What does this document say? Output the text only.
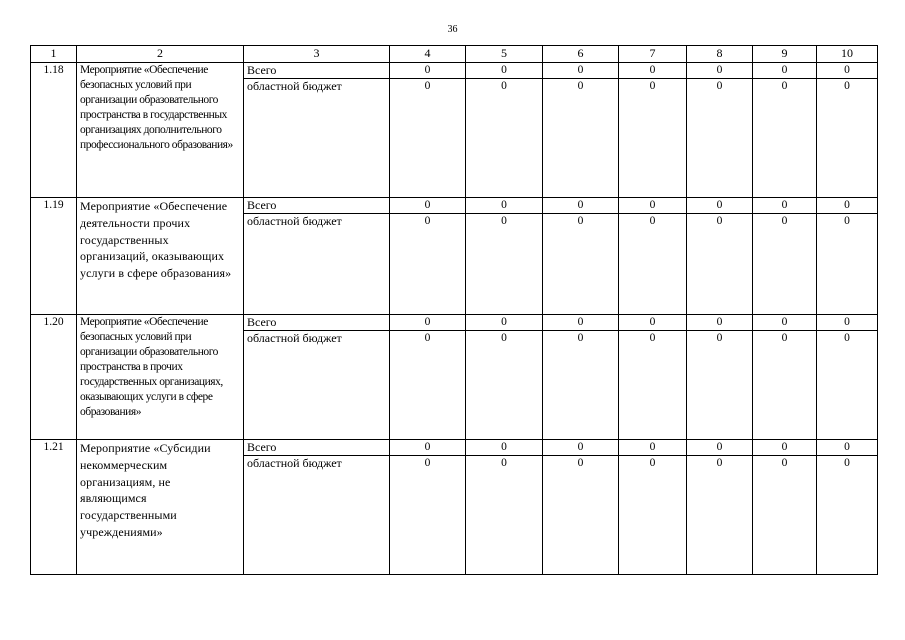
36
1	2	3	4	5	6	7	8	9	10
1.18	Мероприятие «Обеспечение безопасных условий при организации образовательного пространства в государственных организациях дополнительного профессионального образования»	Всего	0	0	0	0	0	0	0
		областной бюджет	0	0	0	0	0	0	0
1.19	Мероприятие «Обеспечение деятельности прочих государственных организаций, оказывающих услуги в сфере образования»	Всего	0	0	0	0	0	0	0
		областной бюджет	0	0	0	0	0	0	0
1.20	Мероприятие «Обеспечение безопасных условий при организации образовательного пространства в прочих государственных организациях, оказывающих услуги в сфере образования»	Всего	0	0	0	0	0	0	0
		областной бюджет	0	0	0	0	0	0	0
1.21	Мероприятие «Субсидии некоммерческим организациям, не являющимся государственными учреждениями»	Всего	0	0	0	0	0	0	0
		областной бюджет	0	0	0	0	0	0	0
